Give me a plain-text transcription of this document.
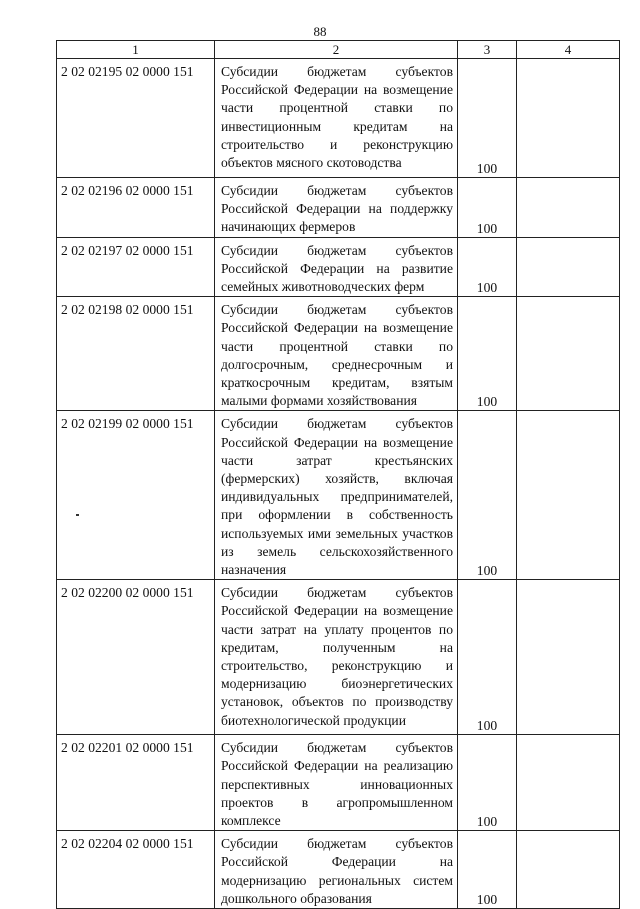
88
1	2	3	4
2 02 02195 02 0000 151	Субсидии бюджетам субъектов Российской Федерации на возмещение части процентной ставки по инвестиционным кредитам на строительство и реконструкцию объектов мясного скотоводства	100	
2 02 02196 02 0000 151	Субсидии бюджетам субъектов Российской Федерации на поддержку начинающих фермеров	100	
2 02 02197 02 0000 151	Субсидии бюджетам субъектов Российской Федерации на развитие семейных животноводческих ферм	100	
2 02 02198 02 0000 151	Субсидии бюджетам субъектов Российской Федерации на возмещение части процентной ставки по долгосрочным, среднесрочным и краткосрочным кредитам, взятым малыми формами хозяйствования	100	
2 02 02199 02 0000 151	Субсидии бюджетам субъектов Российской Федерации на возмещение части затрат крестьянских (фермерских) хозяйств, включая индивидуальных предпринимателей, при оформлении в собственность используемых ими земельных участков из земель сельскохозяйственного назначения	100	
2 02 02200 02 0000 151	Субсидии бюджетам субъектов Российской Федерации на возмещение части затрат на уплату процентов по кредитам, полученным на строительство, реконструкцию и модернизацию биоэнергетических установок, объектов по производству биотехнологической продукции	100	
2 02 02201 02 0000 151	Субсидии бюджетам субъектов Российской Федерации на реализацию перспективных инновационных проектов в агропромышленном комплексе	100	
2 02 02204 02 0000 151	Субсидии бюджетам субъектов Российской Федерации на модернизацию региональных систем дошкольного образования	100	
